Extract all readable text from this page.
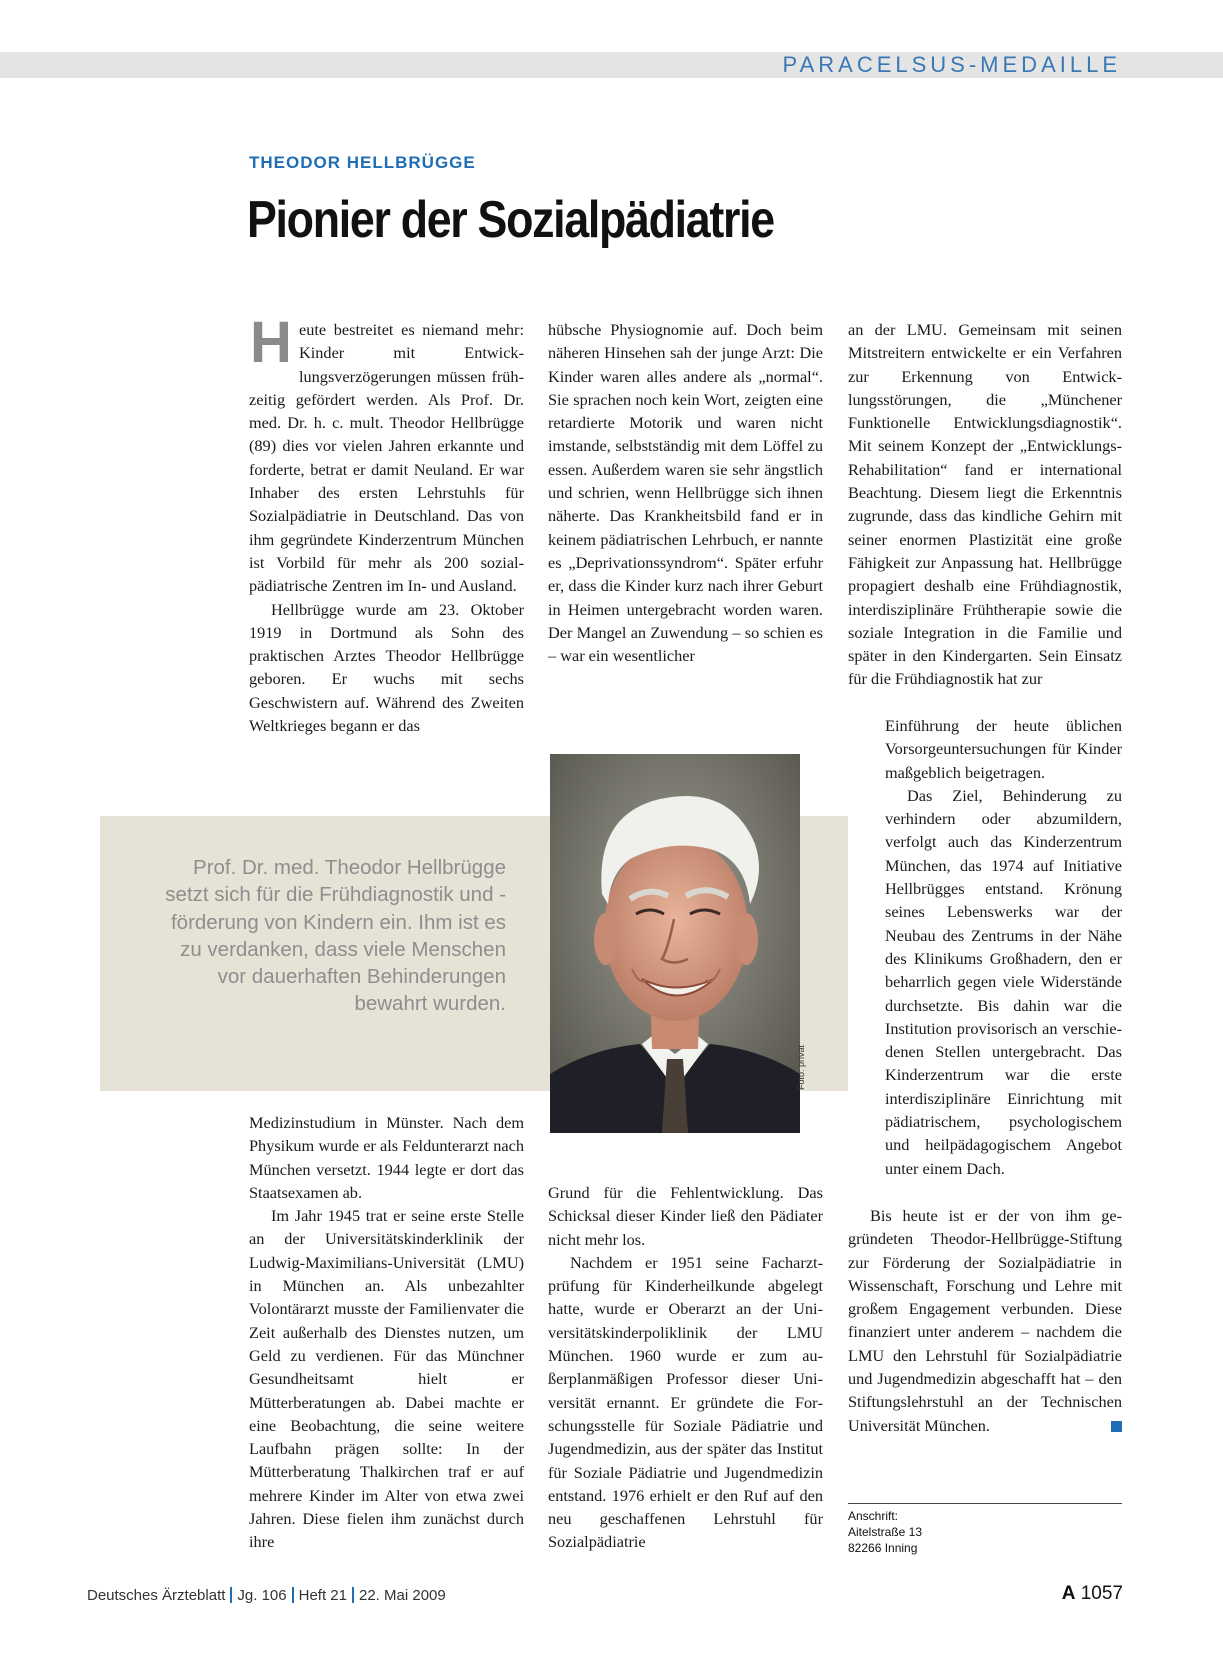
PARACELSUS-MEDAILLE
THEODOR HELLBRÜGGE
Pionier der Sozialpädiatrie
H eute bestreitet es niemand mehr: Kinder mit Entwicklungsverzögerungen müssen frühzeitig gefördert werden. Als Prof. Dr. med. Dr. h. c. mult. Theodor Hellbrügge (89) dies vor vielen Jahren erkannte und forderte, betrat er damit Neuland. Er war Inhaber des ersten Lehrstuhls für Sozialpädiatrie in Deutschland. Das von ihm gegründete Kinderzentrum München ist Vorbild für mehr als 200 sozialpädiatrische Zentren im In- und Ausland.

Hellbrügge wurde am 23. Oktober 1919 in Dortmund als Sohn des praktischen Arztes Theodor Hellbrügge geboren. Er wuchs mit sechs Geschwistern auf. Während des Zweiten Weltkrieges begann er das

Prof. Dr. med. Theodor Hellbrügge setzt sich für die Frühdiagnostik und -förderung von Kindern ein. Ihm ist es zu verdanken, dass viele Menschen vor dauerhaften Behinderungen bewahrt wurden.

Medizinstudium in Münster. Nach dem Physikum wurde er als Feldunterarzt nach München versetzt. 1944 legte er dort das Staatsexamen ab.

Im Jahr 1945 trat er seine erste Stelle an der Universitätskinderklinik der Ludwig-Maximilians-Universität (LMU) in München an. Als unbezahlter Volontärarzt musste der Familienvater die Zeit außerhalb des Dienstes nutzen, um Geld zu verdienen. Für das Münchner Gesundheitsamt hielt er Mütterberatungen ab. Dabei machte er eine Beobachtung, die seine weitere Laufbahn prägen sollte: In der Mütterberatung Thalkirchen traf er auf mehrere Kinder im Alter von etwa zwei Jahren. Diese fielen ihm zunächst durch ihre

hübsche Physiognomie auf. Doch beim näheren Hinsehen sah der junge Arzt: Die Kinder waren alles andere als „normal“. Sie sprachen noch kein Wort, zeigten eine retardierte Motorik und waren nicht imstande, selbstständig mit dem Löffel zu essen. Außerdem waren sie sehr ängstlich und schrien, wenn Hellbrügge sich ihnen näherte. Das Krankheitsbild fand er in keinem pädiatrischen Lehrbuch, er nannte es „Deprivationssyndrom“. Später erfuhr er, dass die Kinder kurz nach ihrer Geburt in Heimen untergebracht worden waren. Der Mangel an Zuwendung – so schien es – war ein wesentlicher

Foto: privat

Grund für die Fehlentwicklung. Das Schicksal dieser Kinder ließ den Pädiater nicht mehr los.

Nachdem er 1951 seine Facharztprüfung für Kinderheilkunde abgelegt hatte, wurde er Oberarzt an der Universitätskinderpoliklinik der LMU München. 1960 wurde er zum außerplanmäßigen Professor dieser Universität ernannt. Er gründete die Forschungsstelle für Soziale Pädiatrie und Jugendmedizin, aus der später das Institut für Soziale Pädiatrie und Jugendmedizin entstand. 1976 erhielt er den Ruf auf den neu geschaffenen Lehrstuhl für Sozialpädiatrie

an der LMU. Gemeinsam mit seinen Mitstreitern entwickelte er ein Verfahren zur Erkennung von Entwicklungsstörungen, die „Münchener Funktionelle Entwicklungsdiagnostik“. Mit seinem Konzept der „Entwicklungs-Rehabilitation“ fand er international Beachtung. Diesem liegt die Erkenntnis zugrunde, dass das kindliche Gehirn mit seiner enormen Plastizität eine große Fähigkeit zur Anpassung hat. Hellbrügge propagiert deshalb eine Frühdiagnostik, interdisziplinäre Frühtherapie sowie die soziale Integration in die Familie und später in den Kindergarten. Sein Einsatz für die Frühdiagnostik hat zur

Einführung der heute üblichen Vorsorgeuntersuchungen für Kinder maßgeblich beigetragen.

Das Ziel, Behinderung zu verhindern oder abzumildern, verfolgt auch das Kinderzentrum München, das 1974 auf Initiative Hellbrügges entstand. Krönung seines Lebenswerks war der Neubau des Zentrums in der Nähe des Klinikums Großhadern, den er beharrlich gegen viele Widerstände durchsetzte. Bis dahin war die Institution provisorisch an verschiedenen Stellen untergebracht. Das Kinderzentrum war die erste interdisziplinäre Einrichtung mit pädiatrischem, psychologischem und heilpädagogischem Angebot unter einem Dach.

Bis heute ist er der von ihm gegründeten Theodor-Hellbrügge-Stiftung zur Förderung der Sozialpädiatrie in Wissenschaft, Forschung und Lehre mit großem Engagement verbunden. Diese finanziert unter anderem – nachdem die LMU den Lehrstuhl für Sozialpädiatrie und Jugendmedizin abgeschafft hat – den Stiftungslehrstuhl an der Technischen Universität München.

Anschrift:
Aitelstraße 13
82266 Inning
Deutsches Ärzteblatt Jg. 106 Heft 21 22. Mai 2009	A 1057
